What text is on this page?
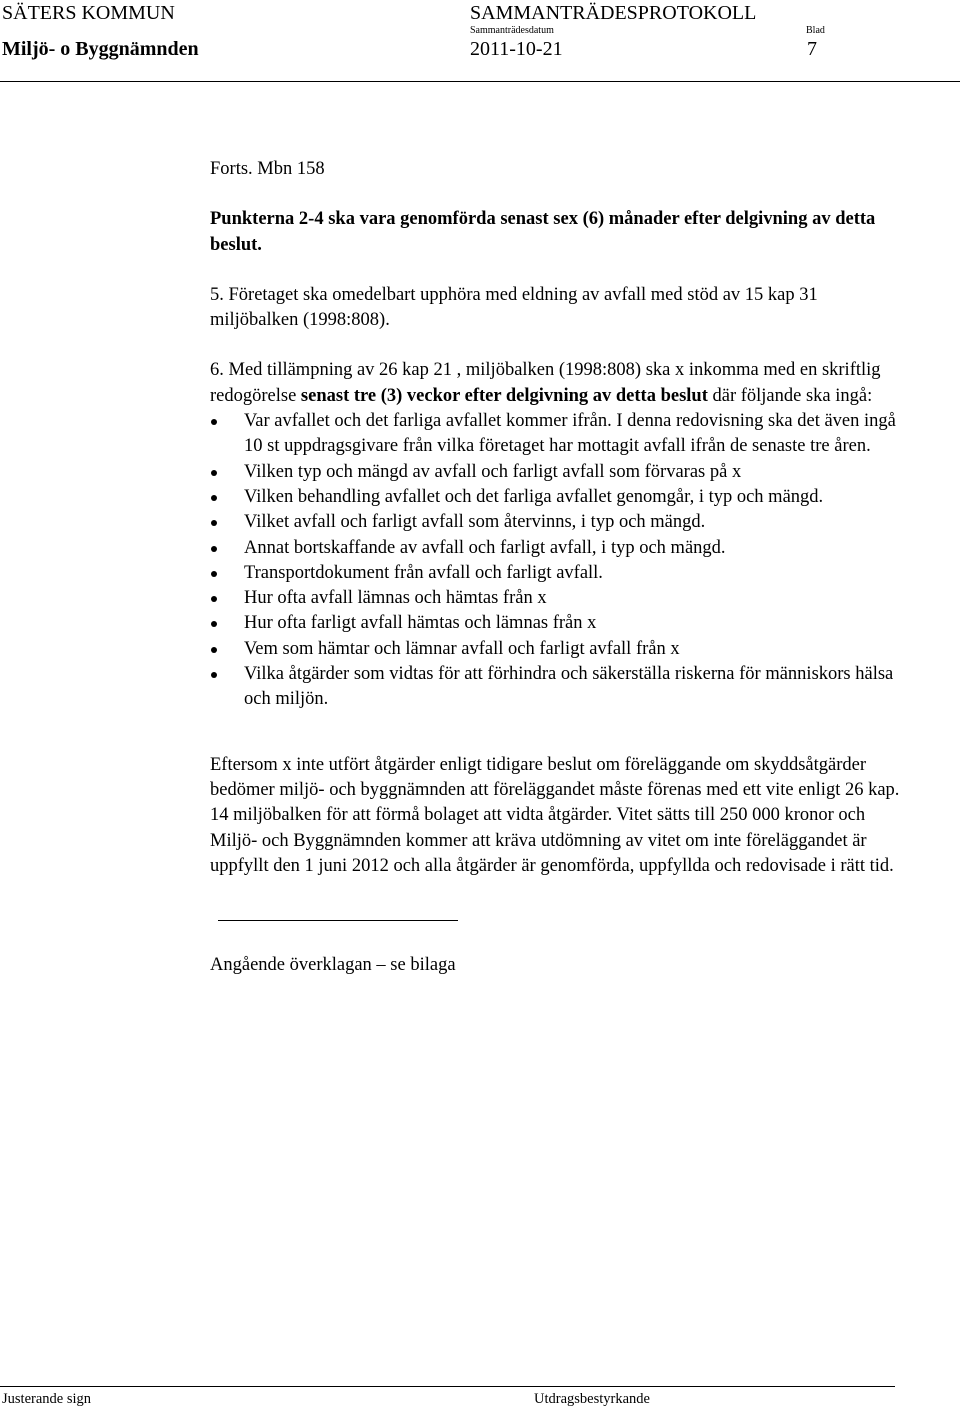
SÄTERS KOMMUN	SAMMANTRÄDESPROTOKOLL
Sammanträdesdatum	Blad
Miljö- o Byggnämnden	2011-10-21	7

Forts. Mbn 158

Punkterna 2-4 ska vara genomförda senast sex (6) månader efter delgivning av detta beslut.

5. Företaget ska omedelbart upphöra med eldning av avfall med stöd av 15 kap 31 miljöbalken (1998:808).

6. Med tillämpning av 26 kap 21 , miljöbalken (1998:808) ska x inkomma med en skriftlig redogörelse senast tre (3) veckor efter delgivning av detta beslut där följande ska ingå:

Var avfallet och det farliga avfallet kommer ifrån. I denna redovisning ska det även ingå 10 st uppdragsgivare från vilka företaget har mottagit avfall ifrån de senaste tre åren.
Vilken typ och mängd av avfall och farligt avfall som förvaras på x
Vilken behandling avfallet och det farliga avfallet genomgår, i typ och mängd.
Vilket avfall och farligt avfall som återvinns, i typ och mängd.
Annat bortskaffande av avfall och farligt avfall, i typ och mängd.
Transportdokument från avfall och farligt avfall.
Hur ofta avfall lämnas och hämtas från x
Hur ofta farligt avfall hämtas och lämnas från x
Vem som hämtar och lämnar avfall och farligt avfall från x
Vilka åtgärder som vidtas för att förhindra och säkerställa riskerna för människors hälsa och miljön.

Eftersom x inte utfört åtgärder enligt tidigare beslut om föreläggande om skyddsåtgärder bedömer miljö- och byggnämnden att föreläggandet måste förenas med ett vite enligt 26 kap. 14 miljöbalken för att förmå bolaget att vidta åtgärder. Vitet sätts till 250 000 kronor och Miljö- och Byggnämnden kommer att kräva utdömning av vitet om inte föreläggandet är uppfyllt den 1 juni 2012 och alla åtgärder är genomförda, uppfyllda och redovisade i rätt tid.

Angående överklagan – se bilaga

Justerande sign	Utdragsbestyrkande
